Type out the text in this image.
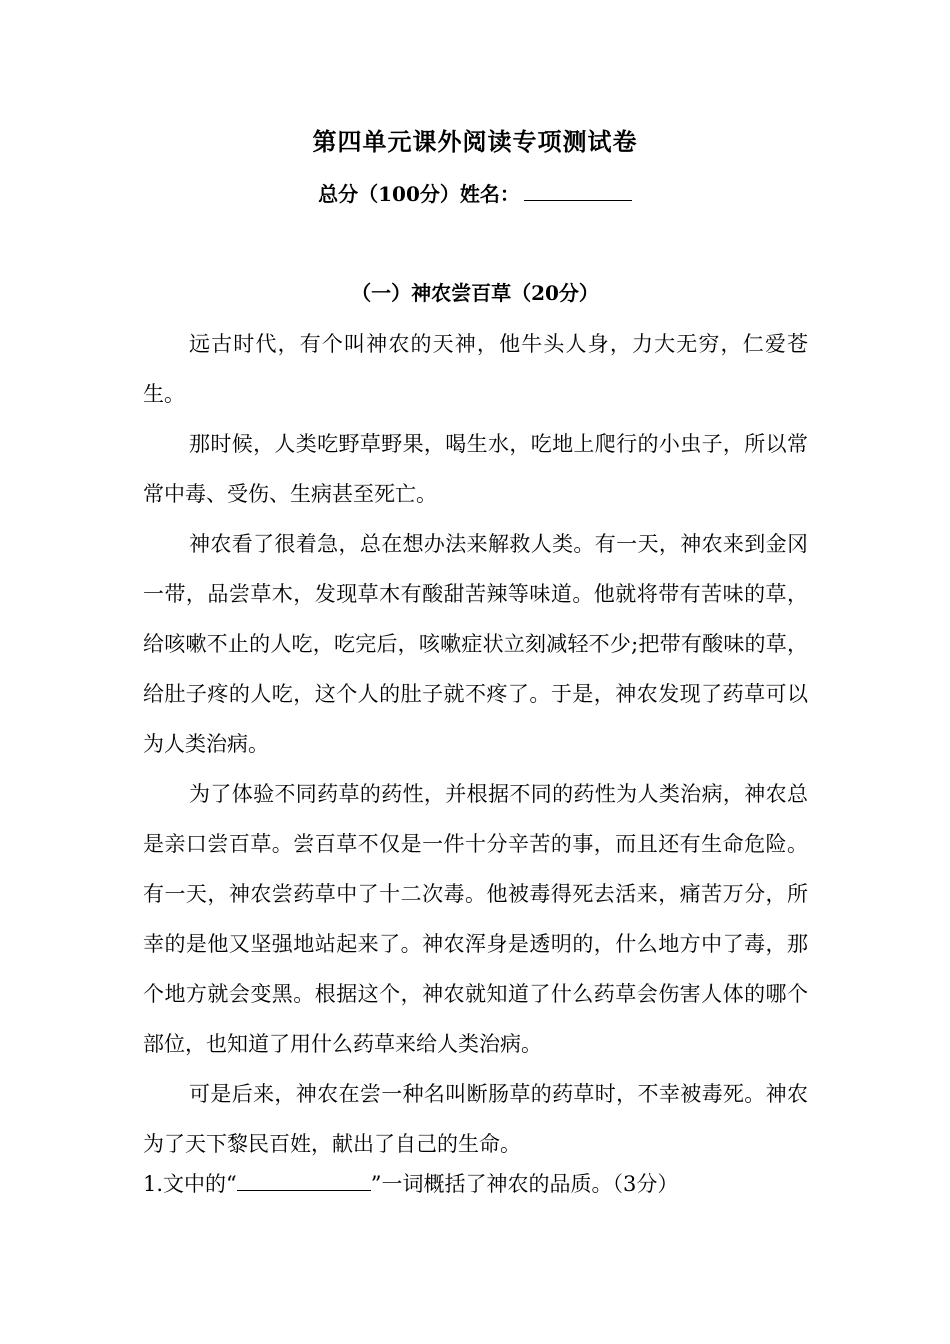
第四单元课外阅读专项测试卷
总分（100分）姓名：
（一）神农尝百草（20分）

远古时代，有个叫神农的天神，他牛头人身，力大无穷，仁爱苍生。

那时候，人类吃野草野果，喝生水，吃地上爬行的小虫子，所以常常中毒、受伤、生病甚至死亡。

神农看了很着急，总在想办法来解救人类。有一天，神农来到金冈一带，品尝草木，发现草木有酸甜苦辣等味道。他就将带有苦味的草，给咳嗽不止的人吃，吃完后，咳嗽症状立刻减轻不少;把带有酸味的草，给肚子疼的人吃，这个人的肚子就不疼了。于是，神农发现了药草可以为人类治病。

为了体验不同药草的药性，并根据不同的药性为人类治病，神农总是亲口尝百草。尝百草不仅是一件十分辛苦的事，而且还有生命危险。有一天，神农尝药草中了十二次毒。他被毒得死去活来，痛苦万分，所幸的是他又坚强地站起来了。神农浑身是透明的，什么地方中了毒，那个地方就会变黑。根据这个，神农就知道了什么药草会伤害人体的哪个部位，也知道了用什么药草来给人类治病。

可是后来，神农在尝一种名叫断肠草的药草时，不幸被毒死。神农为了天下黎民百姓，献出了自己的生命。

1.文中的“	”一词概括了神农的品质。（3分）
